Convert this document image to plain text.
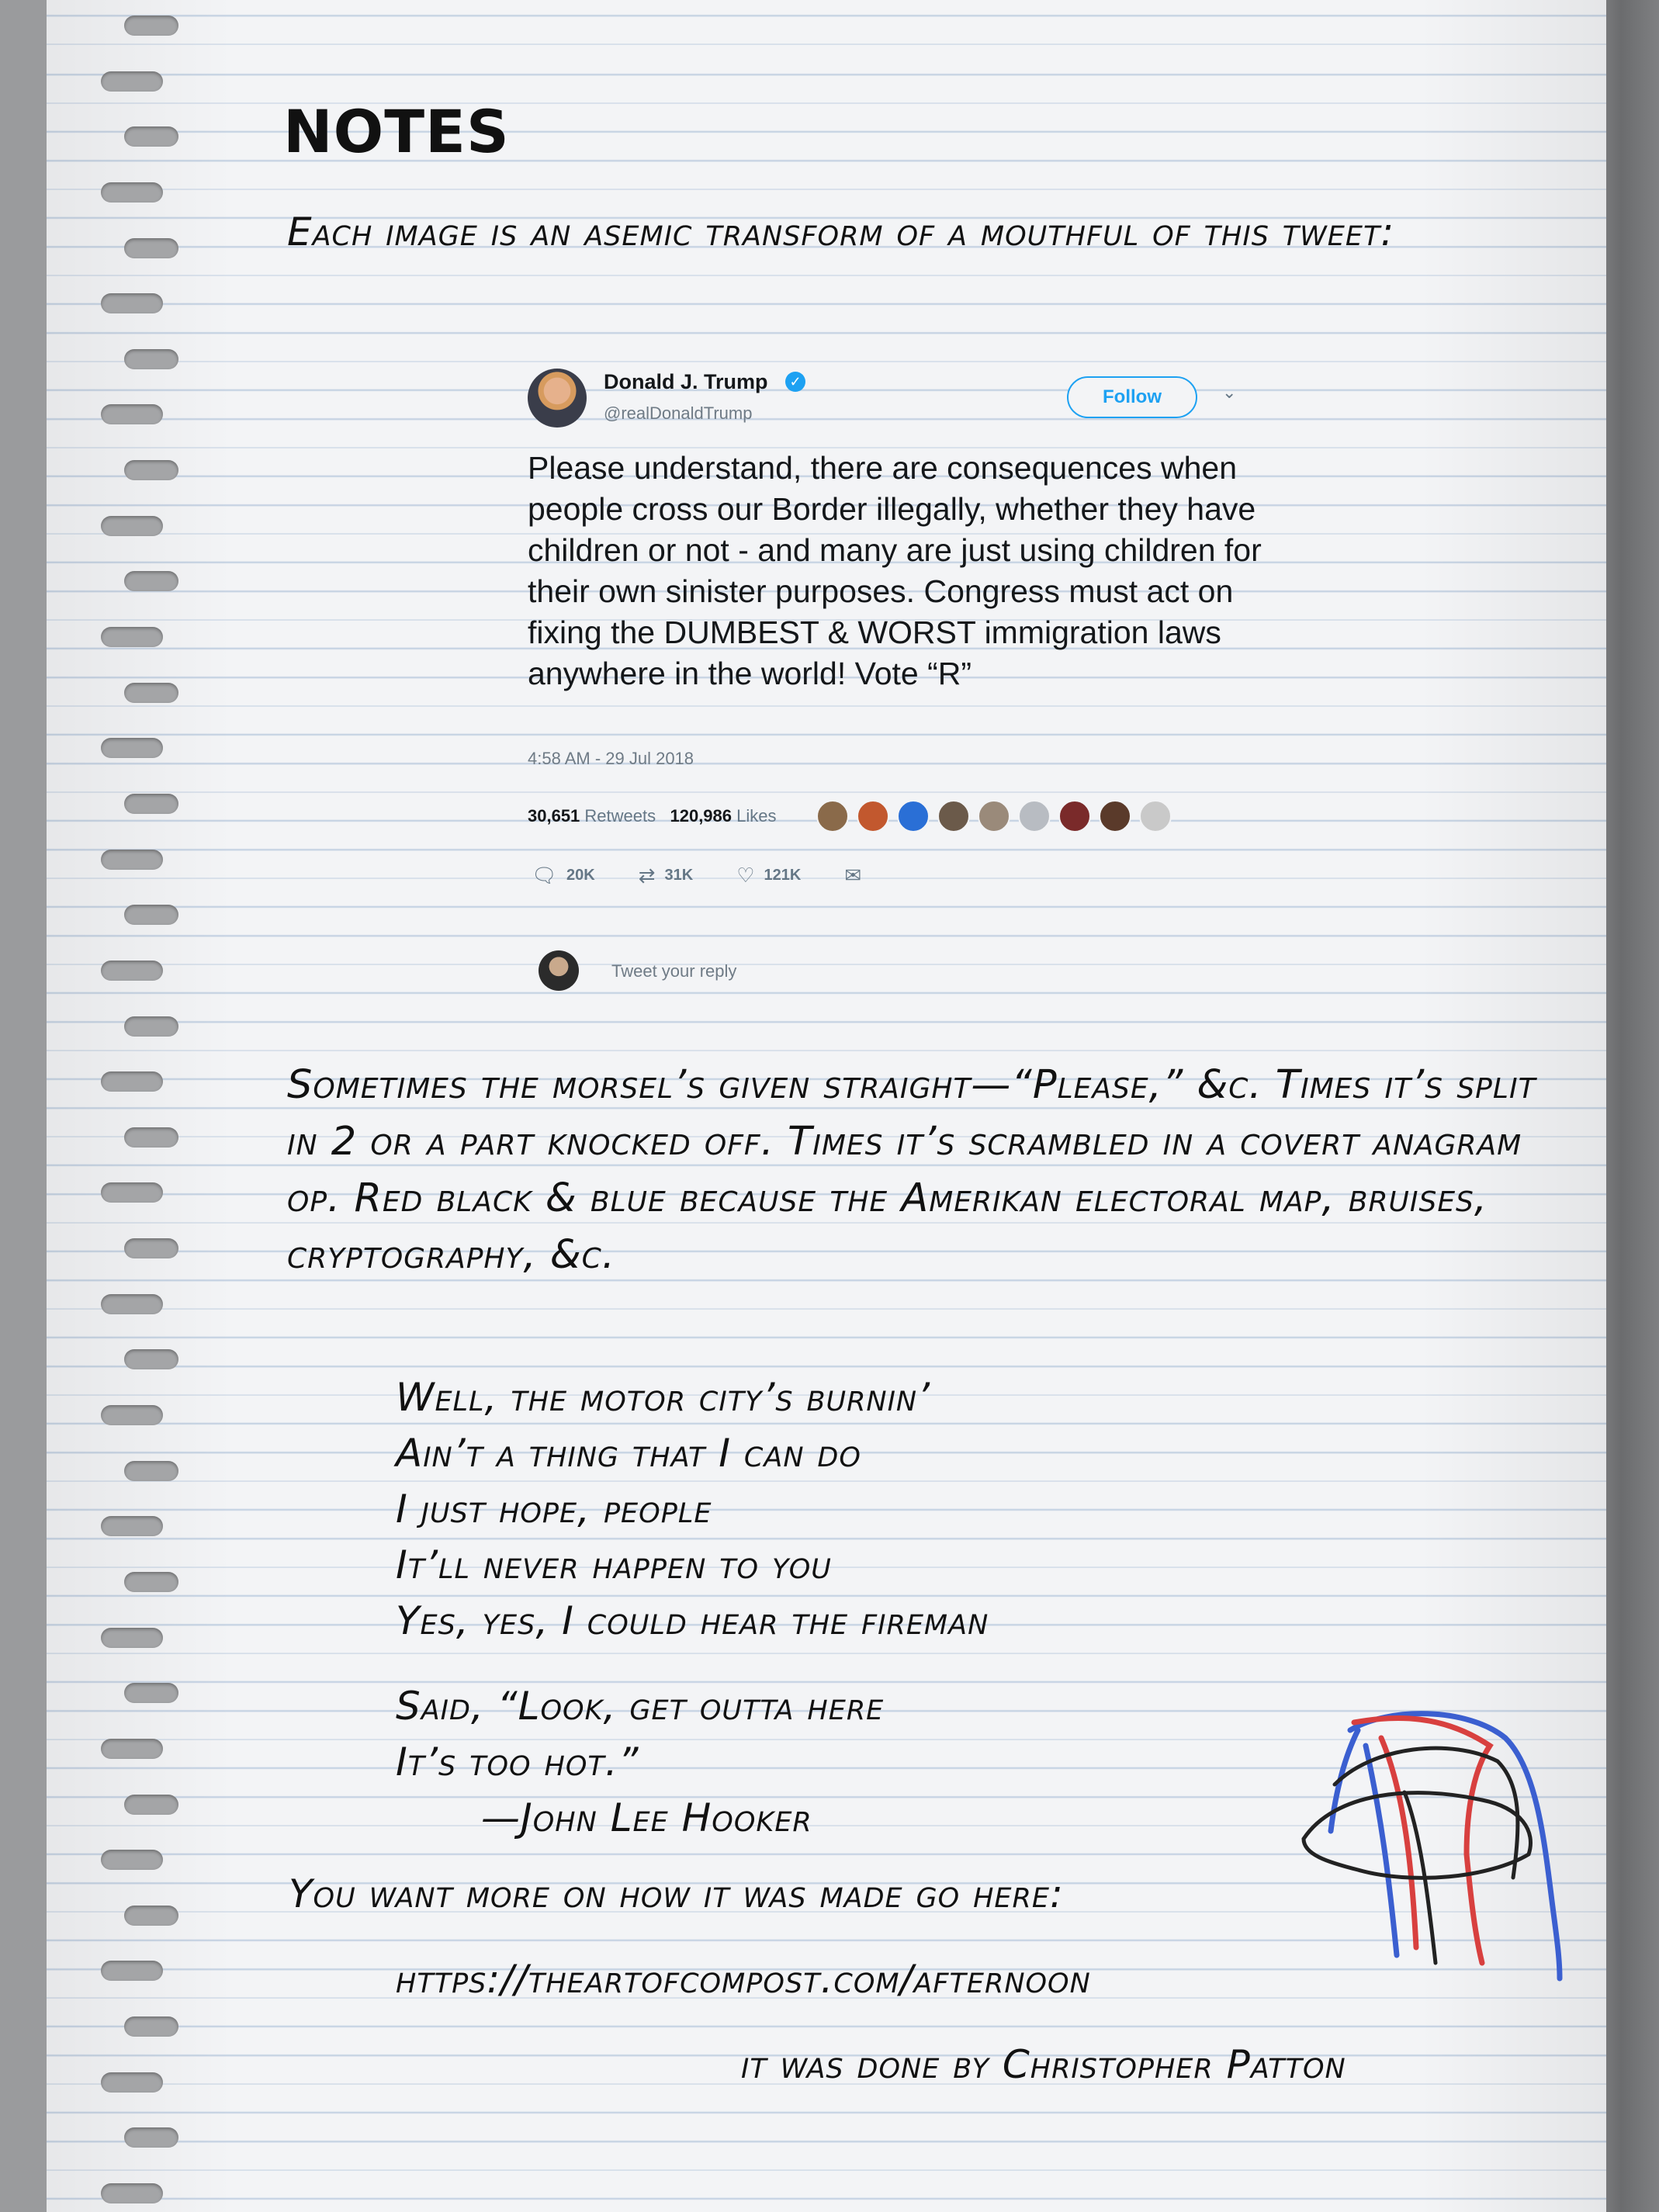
NOTES
Each image is an asemic transform of a mouthful of this tweet:
Donald J. Trump	✓
@realDonaldTrump
Follow	⌄
Please understand, there are consequences when people cross our Border illegally, whether they have children or not - and many are just using children for their own sinister purposes. Congress must act on fixing the DUMBEST & WORST immigration laws anywhere in the world! Vote “R”
4:58 AM - 29 Jul 2018
30,651 Retweets 120,986 Likes
🗨 20K ⇄ 31K ♡ 121K ✉
Tweet your reply
Sometimes the morsel’s given straight—“Please,” &c. Times it’s split in 2 or a part knocked off. Times it’s scrambled in a covert anagram op. Red black & blue because the Amerikan electoral map, bruises, cryptography, &c.
Well, the motor city’s burnin’
Ain’t a thing that I can do
I just hope, people
It’ll never happen to you
Yes, yes, I could hear the fireman
Said, “Look, get outta here
It’s too hot.”
—John Lee Hooker
You want more on how it was made go here:
https://theartofcompost.com/afternoon
it was done by Christopher Patton
